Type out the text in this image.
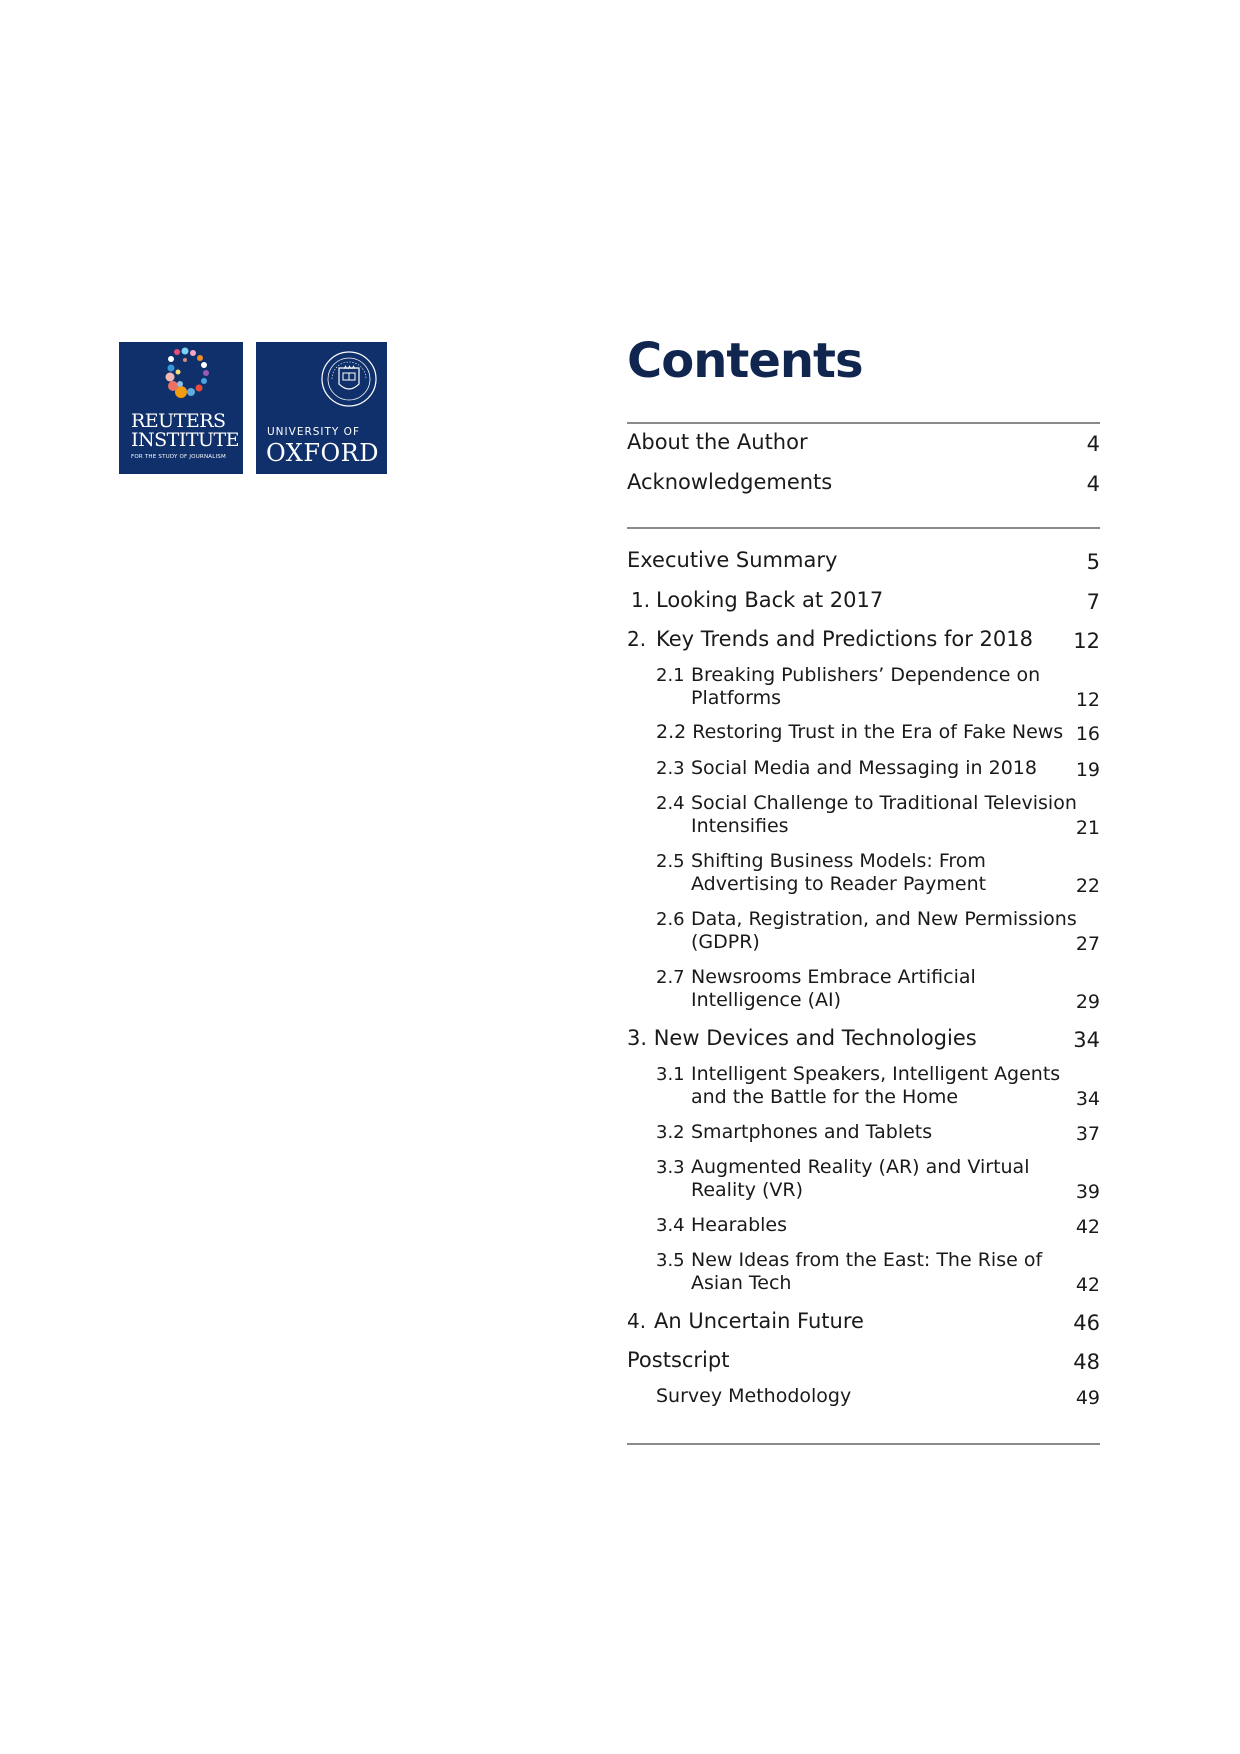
REUTERS
INSTITUTE
FOR THE STUDY OF JOURNALISM
UNIVERSITY OF
OXFORD
Contents
About the Author	4
Acknowledgements	4
Executive Summary	5
1. Looking Back at 2017	7
2. Key Trends and Predictions for 2018 12
2.1 Breaking Publishers’ Dependence on
Platforms	12
2.2 Restoring Trust in the Era of Fake News 16
2.3 Social Media and Messaging in 2018 19
2.4 Social Challenge to Traditional Television
Intensifies	21
2.5 Shifting Business Models: From
Advertising to Reader Payment	22
2.6 Data, Registration, and New Permissions
(GDPR)	27
2.7 Newsrooms Embrace Artificial
Intelligence (AI)	29
3. New Devices and Technologies	34
3.1 Intelligent Speakers, Intelligent Agents
and the Battle for the Home	34
3.2 Smartphones and Tablets	37
3.3 Augmented Reality (AR) and Virtual
Reality (VR)	39
3.4 Hearables	42
3.5 New Ideas from the East: The Rise of
Asian Tech	42
4. An Uncertain Future	46
Postscript	48
Survey Methodology	49
